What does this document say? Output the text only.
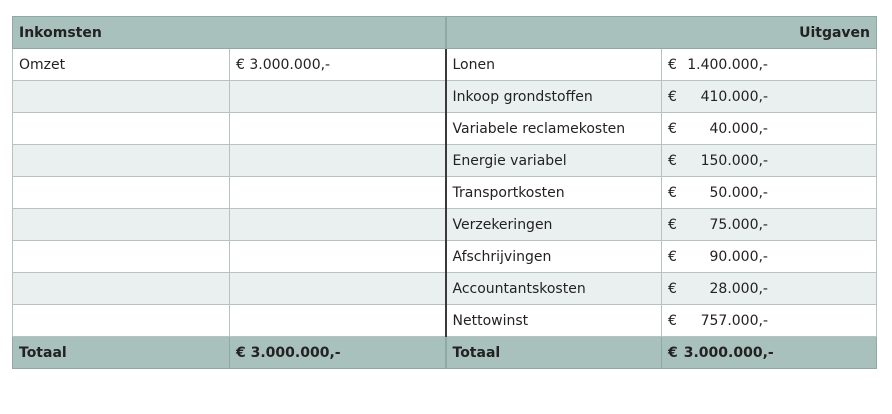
Inkomsten		Uitgaven	
Omzet	€ 3.000.000,-	Lonen	€ 1.400.000,-

		Inkoop grondstoffen	€ 410.000,-

		Variabele reclamekosten	€ 40.000,-

		Energie variabel	€ 150.000,-

		Transportkosten	€ 50.000,-

		Verzekeringen	€ 75.000,-

		Afschrijvingen	€ 90.000,-

		Accountantskosten	€ 28.000,-

		Nettowinst	€ 757.000,-

Totaal	€ 3.000.000,-	Totaal	€ 3.000.000,-
